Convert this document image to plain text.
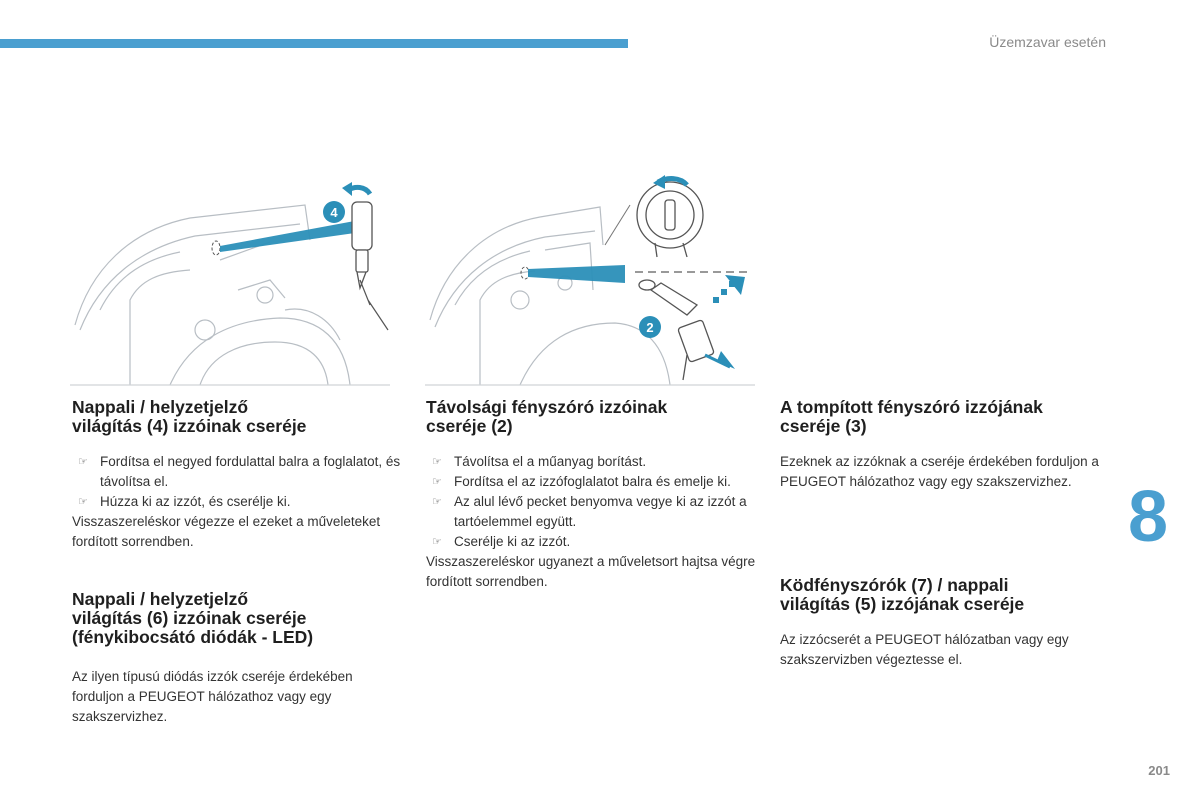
Üzemzavar esetén
8
201
4
2
Nappali / helyzetjelző
világítás (4) izzóinak cseréje
☞ Fordítsa el negyed fordulattal balra a foglalatot, és távolítsa el.
☞ Húzza ki az izzót, és cserélje ki.

Visszaszereléskor végezze el ezeket a műveleteket fordított sorrendben.

Nappali / helyzetjelző
világítás (6) izzóinak cseréje
(fénykibocsátó diódák - LED)

Az ilyen típusú diódás izzók cseréje érdekében forduljon a PEUGEOT hálózathoz vagy egy szakszervizhez.

Távolsági fényszóró izzóinak
cseréje (2)
☞ Távolítsa el a műanyag borítást.
☞ Fordítsa el az izzófoglalatot balra és emelje ki.
☞ Az alul lévő pecket benyomva vegye ki az izzót a tartóelemmel együtt.
☞ Cserélje ki az izzót.

Visszaszereléskor ugyanezt a műveletsort hajtsa végre fordított sorrendben.

A tompított fényszóró izzójának
cseréje (3)

Ezeknek az izzóknak a cseréje érdekében forduljon a PEUGEOT hálózathoz vagy egy szakszervizhez.

Ködfényszórók (7) / nappali
világítás (5) izzójának cseréje

Az izzócserét a PEUGEOT hálózatban vagy egy szakszervizben végeztesse el.
